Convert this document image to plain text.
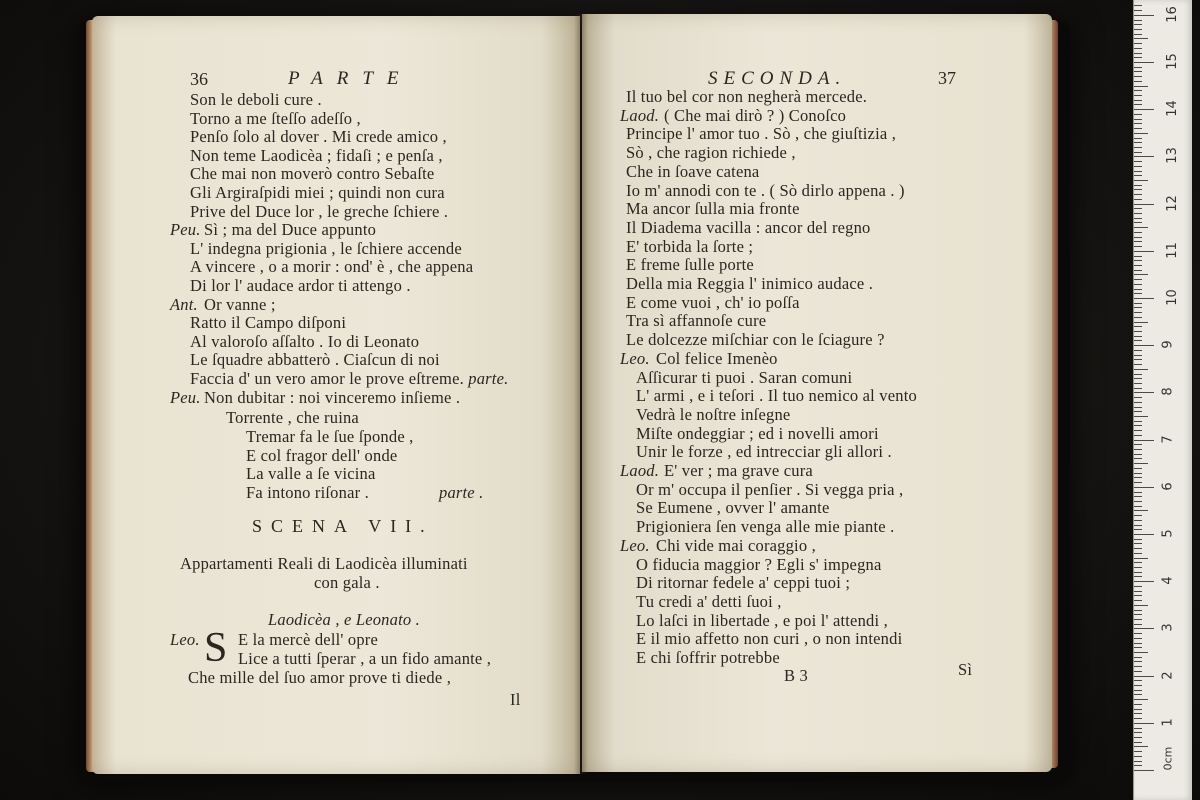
36	PARTE
Son le deboli cure .
Torno a me ſteſſo adeſſo ,
Penſo ſolo al dover . Mi crede amico ,
Non teme Laodicèa ; fidaſi ; e penſa ,
Che mai non moverò contro Sebaſte
Gli Argiraſpidi miei ; quindi non cura
Prive del Duce lor , le greche ſchiere .
Peu. Sì ; ma del Duce appunto
L' indegna prigionia , le ſchiere accende
A vincere , o a morir : ond' è , che appena
Di lor l' audace ardor ti attengo .
Ant. Or vanne ;
Ratto il Campo diſponi
Al valoroſo aſſalto . Io di Leonato
Le ſquadre abbatterò . Ciaſcun di noi
Faccia d' un vero amor le prove eſtreme. parte.
Peu. Non dubitar : noi vinceremo inſieme .
Torrente , che ruina
Tremar fa le ſue ſponde ,
E col fragor dell' onde
La valle a ſe vicina
Fa intono riſonar .	parte .
SCENA VII.
Appartamenti Reali di Laodicèa illuminati
con gala .
Laodicèa , e Leonato .
Leo. S E la mercè dell' opre
Lice a tutti ſperar , a un fido amante ,
Che mille del ſuo amor prove ti diede ,
Il
SECONDA.	37
Il tuo bel cor non negherà mercede.
Laod. ( Che mai dirò ? ) Conoſco
Principe l' amor tuo . Sò , che giuſtizia ,
Sò , che ragion richiede ,
Che in ſoave catena
Io m' annodi con te . ( Sò dirlo appena . )
Ma ancor ſulla mia fronte
Il Diadema vacilla : ancor del regno
E' torbida la ſorte ;
E freme ſulle porte
Della mia Reggia l' inimico audace .
E come vuoi , ch' io poſſa
Tra sì affannoſe cure
Le dolcezze miſchiar con le ſciagure ?
Leo. Col felice Imenèo
Aſſicurar ti puoi . Saran comuni
L' armi , e i teſori . Il tuo nemico al vento
Vedrà le noſtre inſegne
Miſte ondeggiar ; ed i novelli amori
Unir le forze , ed intrecciar gli allori .
Laod. E' ver ; ma grave cura
Or m' occupa il penſier . Si vegga pria ,
Se Eumene , ovver l' amante
Prigioniera ſen venga alle mie piante .
Leo. Chi vide mai coraggio ,
O fiducia maggior ? Egli s' impegna
Di ritornar fedele a' ceppi tuoi ;
Tu credi a' detti ſuoi ,
Lo laſci in libertade , e poi l' attendi ,
E il mio affetto non curi , o non intendi
E chi ſoffrir potrebbe
B 3	Sì
1
2
3
4
5
6
7
8
9
10
11
12
13
14
15
16
0cm
